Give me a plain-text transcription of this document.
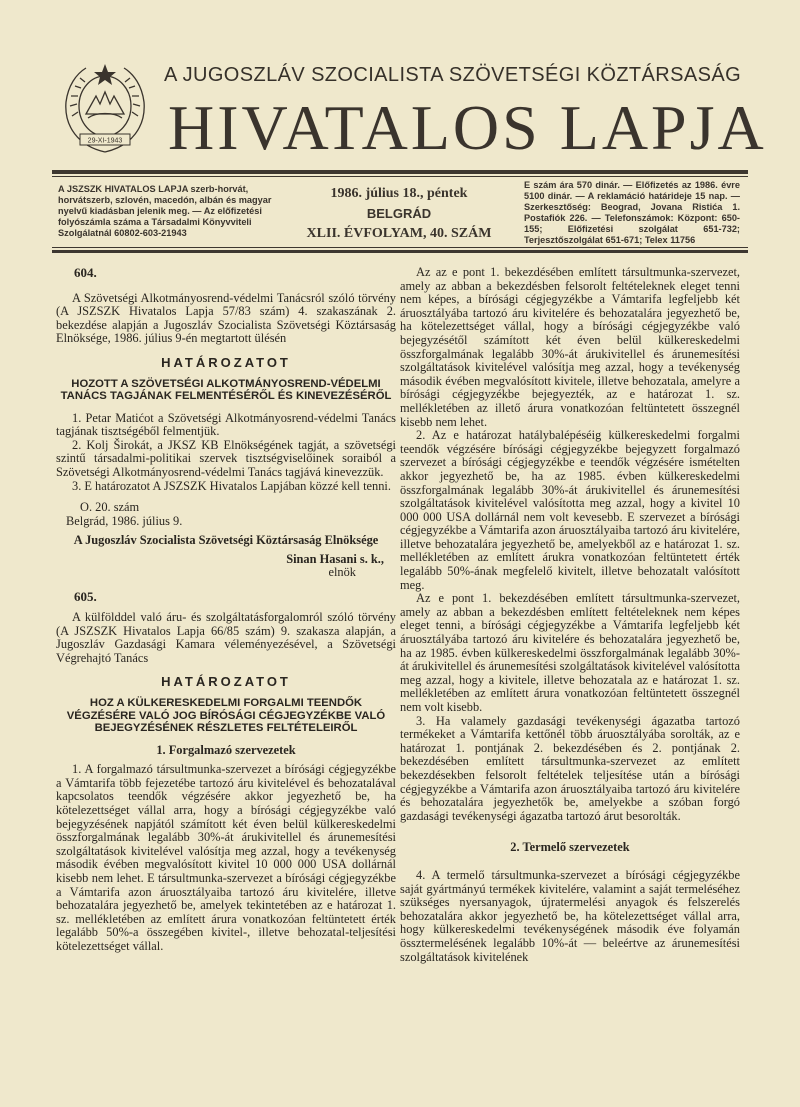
29-XI-1943
A JUGOSZLÁV SZOCIALISTA SZÖVETSÉGI KÖZTÁRSASÁG
HIVATALOS LAPJA
A JSZSZK HIVATALOS LAPJA szerb-horvát, horvátszerb, szlovén, macedón, albán és magyar nyelvű kiadásban jelenik meg. — Az előfizetési folyószámla száma a Társadalmi Könyvviteli Szolgálatnál 60802-603-21943
1986. július 18., péntek
BELGRÁD
XLII. ÉVFOLYAM, 40. SZÁM
E szám ára 570 dinár. — Előfizetés az 1986. évre 5100 dinár. — A reklamáció határideje 15 nap. — Szerkesztőség: Beograd, Jovana Ristića 1. Postafiók 226. — Telefonszámok: Központ: 650-155; Előfizetési szolgálat 651-732; Terjesztőszolgálat 651-671; Telex 11756
604.

A Szövetségi Alkotmányosrend-védelmi Tanácsról szóló törvény (A JSZSZK Hivatalos Lapja 57/83 szám) 4. szakaszának 2. bekezdése alapján a Jugoszláv Szocialista Szövetségi Köztársaság Elnöksége, 1986. július 9-én megtartott ülésén

HATÁROZATOT
HOZOTT A SZÖVETSÉGI ALKOTMÁNYOSREND-VÉDELMI TANÁCS TAGJÁNAK FELMENTÉSÉRŐL ÉS KINEVEZÉSÉRŐL

1. Petar Matićot a Szövetségi Alkotmányosrend-védelmi Tanács tagjának tisztségéből felmentjük.

2. Kolj Širokát, a JKSZ KB Elnökségének tagját, a szövetségi szintű társadalmi-politikai szervek tisztségviselőinek soraiból a Szövetségi Alkotmányosrend-védelmi Tanács tagjává kinevezzük.

3. E határozatot A JSZSZK Hivatalos Lapjában közzé kell tenni.

O. 20. szám

Belgrád, 1986. július 9.

A Jugoszláv Szocialista Szövetségi Köztársaság Elnöksége
Sinan Hasani s. k.,
elnök
605.

A külfölddel való áru- és szolgáltatásforgalomról szóló törvény (A JSZSZK Hivatalos Lapja 66/85 szám) 9. szakasza alapján, a Jugoszláv Gazdasági Kamara véleményezésével, a Szövetségi Végrehajtó Tanács

HATÁROZATOT
HOZ A KÜLKERESKEDELMI FORGALMI TEENDŐK VÉGZÉSÉRE VALÓ JOG BÍRÓSÁGI CÉGJEGYZÉKBE VALÓ BEJEGYZÉSÉNEK RÉSZLETES FELTÉTELEIRŐL
1. Forgalmazó szervezetek

1. A forgalmazó társultmunka-szervezet a bírósági cégjegyzékbe a Vámtarifa több fejezetébe tartozó áru kivitelével és behozatalával kapcsolatos teendők végzésére akkor jegyezhető be, ha kötelezettséget vállal arra, hogy a bírósági cégjegyzékbe való bejegyzésének napjától számított két éven belül külkereskedelmi összforgalmának legalább 30%-át árukivitellel és árunemesítési szolgáltatások kivitelével valósítja meg azzal, hogy a tevékenység második évében megvalósított kivitel 10 000 000 USA dollárnál kisebb nem lehet. E társultmunka-szervezet a bírósági cégjegyzékbe a Vámtarifa azon áruosztályaiba tartozó áru kivitelére, illetve behozatalára jegyezhető be, amelyek tekintetében az e határozat 1. sz. mellékletében az említett árura vonatkozóan feltüntetett érték legalább 50%-a összegében kivitel-, illetve behozatal-teljesítési kötelezettséget vállal.

Az az e pont 1. bekezdésében említett társultmunka-szervezet, amely az abban a bekezdésben felsorolt feltételeknek eleget tenni nem képes, a bírósági cégjegyzékbe a Vámtarifa legfeljebb két áruosztályába tartozó áru kivitelére és behozatalára jegyezhető be, ha kötelezettséget vállal, hogy a bírósági cégjegyzékbe való bejegyzésétől számított két éven belül külkereskedelmi összforgalmának legalább 30%-át árukivitellel és árunemesítési szolgáltatások kivitelével valósítja meg azzal, hogy a tevékenység második évében megvalósított kivitele, illetve behozatala, amelyre a bírósági cégjegyzékbe bejegyezték, az e határozat 1. sz. mellékletében az illető árura vonatkozóan feltüntetett összegnél kisebb nem lehet.

2. Az e határozat hatálybalépéséig külkereskedelmi forgalmi teendők végzésére bírósági cégjegyzékbe bejegyzett forgalmazó szervezet a bírósági cégjegyzékbe e teendők végzésére ismételten akkor jegyezhető be, ha az 1985. évben külkereskedelmi összforgalmának legalább 30%-át árukivitellel és árunemesítési szolgáltatások kivitelével valósította meg azzal, hogy a kivitel 10 000 000 USA dollárnál nem volt kevesebb. E szervezet a bírósági cégjegyzékbe a Vámtarifa azon áruosztályaiba tartozó áru kivitelére, illetve behozatalára jegyezhető be, amelyekből az e határozat 1. sz. mellékletében az említett árukra vonatkozóan feltüntetett érték legalább 50%-ának megfelelő kivitelt, illetve behozatalt valósított meg.

Az e pont 1. bekezdésében említett társultmunka-szervezet, amely az abban a bekezdésben említett feltételeknek nem képes eleget tenni, a bírósági cégjegyzékbe a Vámtarifa legfeljebb két áruosztályába tartozó áru kivitelére és behozatalára jegyezhető be, ha az 1985. évben külkereskedelmi összforgalmának legalább 30%-át árukivitellel és árunemesítési szolgáltatások kivitelével valósította meg azzal, hogy a kivitele, illetve behozatala az e határozat 1. sz. mellékletében az említett árura vonatkozóan feltüntetett összegnél nem volt kisebb.

3. Ha valamely gazdasági tevékenységi ágazatba tartozó termékeket a Vámtarifa kettőnél több áruosztályába sorolták, az e határozat 1. pontjának 2. bekezdésében és 2. pontjának 2. bekezdésében említett társultmunka-szervezet az említett bekezdésekben felsorolt feltételek teljesítése után a bírósági cégjegyzékbe a Vámtarifa azon áruosztályaiba tartozó áru kivitelére és behozatalára jegyezhetők be, amelyekbe a szóban forgó gazdasági tevékenységi ágazatba tartozó árut besorolták.

2. Termelő szervezetek

4. A termelő társultmunka-szervezet a bírósági cégjegyzékbe saját gyártmányú termékek kivitelére, valamint a saját termeléséhez szükséges nyersanyagok, újratermelési anyagok és felszerelés behozatalára akkor jegyezhető be, ha kötelezettséget vállal arra, hogy külkereskedelmi tevékenységének második éve folyamán össztermelésének legalább 10%-át — beleértve az árunemesítési szolgáltatások kivitelének
